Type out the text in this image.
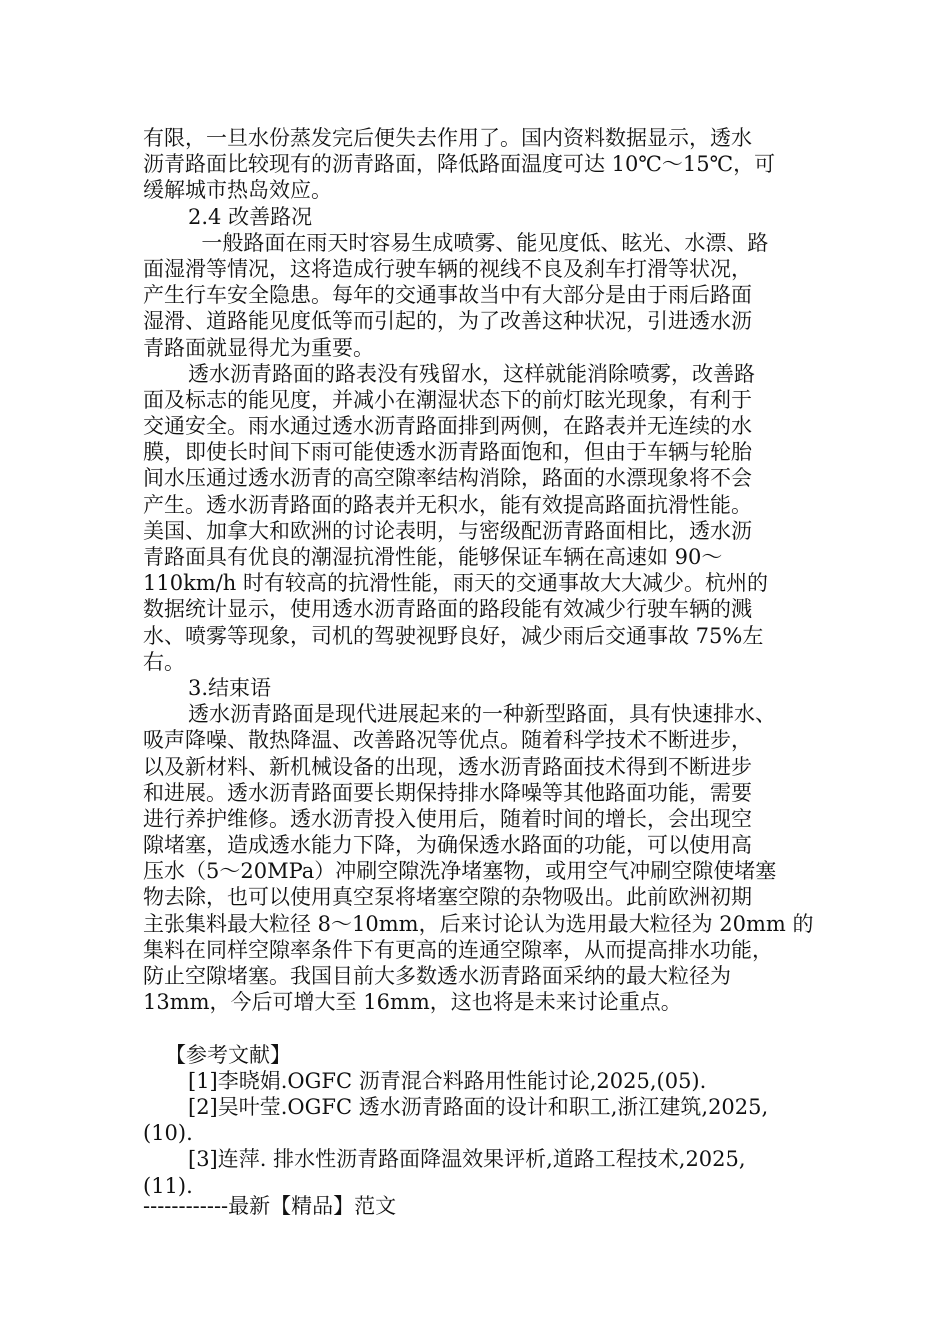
有限，一旦水份蒸发完后便失去作用了。国内资料数据显示，透水
沥青路面比较现有的沥青路面，降低路面温度可达 10℃～15℃，可
缓解城市热岛效应。
2.4 改善路况
一般路面在雨天时容易生成喷雾、能见度低、眩光、水漂、路
面湿滑等情况，这将造成行驶车辆的视线不良及刹车打滑等状况，
产生行车安全隐患。每年的交通事故当中有大部分是由于雨后路面
湿滑、道路能见度低等而引起的，为了改善这种状况，引进透水沥
青路面就显得尤为重要。
透水沥青路面的路表没有残留水，这样就能消除喷雾，改善路
面及标志的能见度，并减小在潮湿状态下的前灯眩光现象，有利于
交通安全。雨水通过透水沥青路面排到两侧，在路表并无连续的水
膜，即使长时间下雨可能使透水沥青路面饱和，但由于车辆与轮胎
间水压通过透水沥青的高空隙率结构消除，路面的水漂现象将不会
产生。透水沥青路面的路表并无积水，能有效提高路面抗滑性能。
美国、加拿大和欧洲的讨论表明，与密级配沥青路面相比，透水沥
青路面具有优良的潮湿抗滑性能，能够保证车辆在高速如 90～
110km/h 时有较高的抗滑性能，雨天的交通事故大大减少。杭州的
数据统计显示，使用透水沥青路面的路段能有效减少行驶车辆的溅
水、喷雾等现象，司机的驾驶视野良好，减少雨后交通事故 75%左
右。
3.结束语
透水沥青路面是现代进展起来的一种新型路面，具有快速排水、
吸声降噪、散热降温、改善路况等优点。随着科学技术不断进步，
以及新材料、新机械设备的出现，透水沥青路面技术得到不断进步
和进展。透水沥青路面要长期保持排水降噪等其他路面功能，需要
进行养护维修。透水沥青投入使用后，随着时间的增长，会出现空
隙堵塞，造成透水能力下降，为确保透水路面的功能，可以使用高
压水（5～20MPa）冲刷空隙洗净堵塞物，或用空气冲刷空隙使堵塞
物去除，也可以使用真空泵将堵塞空隙的杂物吸出。此前欧洲初期
主张集料最大粒径 8～10mm，后来讨论认为选用最大粒径为 20mm 的
集料在同样空隙率条件下有更高的连通空隙率，从而提高排水功能，
防止空隙堵塞。我国目前大多数透水沥青路面采纳的最大粒径为
13mm，今后可增大至 16mm，这也将是未来讨论重点。
【参考文献】
[1]李晓娟.OGFC 沥青混合料路用性能讨论,2025,(05).
[2]吴叶莹.OGFC 透水沥青路面的设计和职工,浙江建筑,2025,
(10).
[3]连萍. 排水性沥青路面降温效果评析,道路工程技术,2025,
(11).
------------最新【精品】范文
